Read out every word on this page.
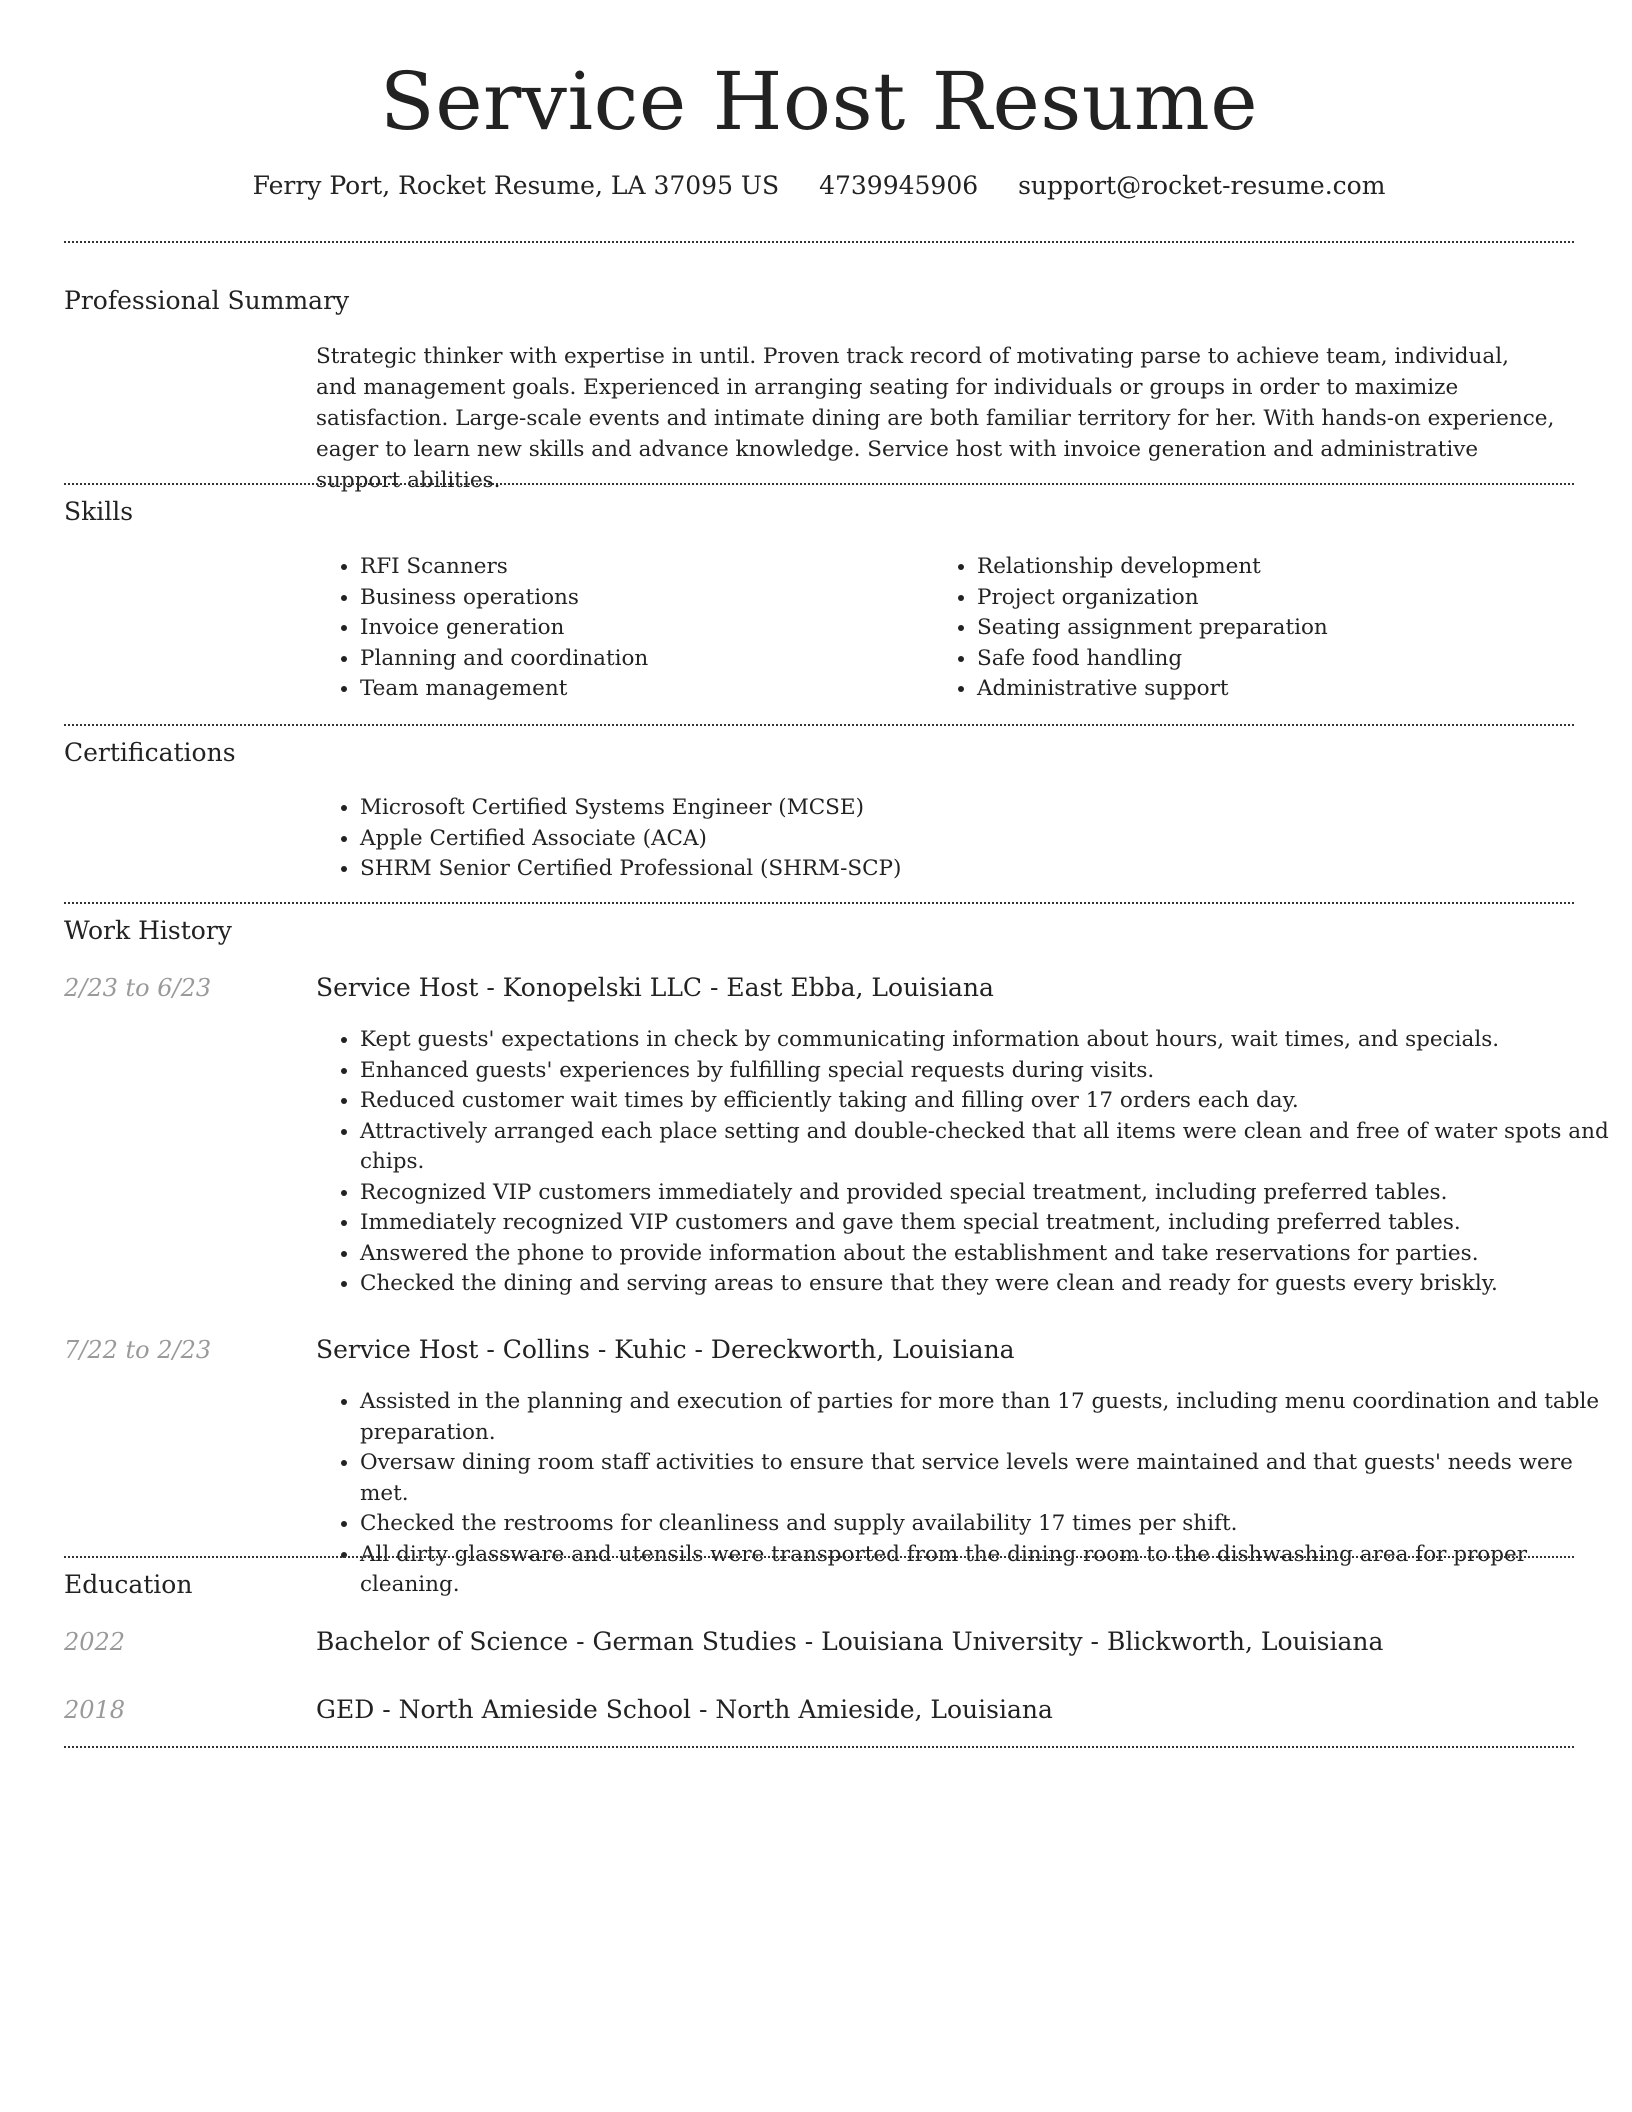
Service Host Resume
Ferry Port, Rocket Resume, LA 37095 US 4739945906 support@rocket-resume.com
Professional Summary
Strategic thinker with expertise in until. Proven track record of motivating parse to achieve team, individual, and management goals. Experienced in arranging seating for individuals or groups in order to maximize satisfaction. Large-scale events and intimate dining are both familiar territory for her. With hands-on experience, eager to learn new skills and advance knowledge. Service host with invoice generation and administrative support abilities.
Skills
• RFI Scanners
• Business operations
• Invoice generation
• Planning and coordination
• Team management
• Relationship development
• Project organization
• Seating assignment preparation
• Safe food handling
• Administrative support
Certifications
• Microsoft Certified Systems Engineer (MCSE)
• Apple Certified Associate (ACA)
• SHRM Senior Certified Professional (SHRM-SCP)
Work History
2/23 to 6/23	Service Host - Konopelski LLC - East Ebba, Louisiana
• Kept guests' expectations in check by communicating information about hours, wait times, and specials.
• Enhanced guests' experiences by fulfilling special requests during visits.
• Reduced customer wait times by efficiently taking and filling over 17 orders each day.
• Attractively arranged each place setting and double-checked that all items were clean and free of water spots and chips.
• Recognized VIP customers immediately and provided special treatment, including preferred tables.
• Immediately recognized VIP customers and gave them special treatment, including preferred tables.
• Answered the phone to provide information about the establishment and take reservations for parties.
• Checked the dining and serving areas to ensure that they were clean and ready for guests every briskly.
7/22 to 2/23	Service Host - Collins - Kuhic - Dereckworth, Louisiana
• Assisted in the planning and execution of parties for more than 17 guests, including menu coordination and table preparation.
• Oversaw dining room staff activities to ensure that service levels were maintained and that guests' needs were met.
• Checked the restrooms for cleanliness and supply availability 17 times per shift.
• All dirty glassware and utensils were transported from the dining room to the dishwashing area for proper cleaning.
Education
2022	Bachelor of Science - German Studies - Louisiana University - Blickworth, Louisiana
2018	GED - North Amieside School - North Amieside, Louisiana
